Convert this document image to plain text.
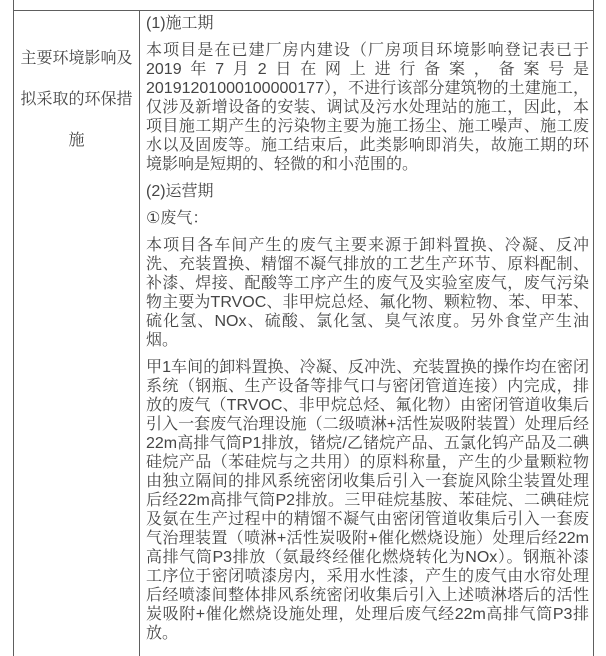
主要环境影响及拟采取的环保措施

(1)施工期

本项目是在已建厂房内建设（厂房项目环境影响登记表已于2019年7月2日在网上进行备案，备案号是20191201000100000177），不进行该部分建筑物的土建施工，仅涉及新增设备的安装、调试及污水处理站的施工，因此，本项目施工期产生的污染物主要为施工扬尘、施工噪声、施工废水以及固废等。施工结束后，此类影响即消失，故施工期的环境影响是短期的、轻微的和小范围的。

(2)运营期

①废气：

本项目各车间产生的废气主要来源于卸料置换、冷凝、反冲洗、充装置换、精馏不凝气排放的工艺生产环节、原料配制、补漆、焊接、配酸等工序产生的废气及实验室废气，废气污染物主要为TRVOC、非甲烷总烃、氟化物、颗粒物、苯、甲苯、硫化氢、NOx、硫酸、氯化氢、臭气浓度。另外食堂产生油烟。

甲1车间的卸料置换、冷凝、反冲洗、充装置换的操作均在密闭系统（钢瓶、生产设备等排气口与密闭管道连接）内完成，排放的废气（TRVOC、非甲烷总烃、氟化物）由密闭管道收集后引入一套废气治理设施（二级喷淋+活性炭吸附装置）处理后经22m高排气筒P1排放，锗烷/乙锗烷产品、五氯化钨产品及二碘硅烷产品（苯硅烷与之共用）的原料称量，产生的少量颗粒物由独立隔间的排风系统密闭收集后引入一套旋风除尘装置处理后经22m高排气筒P2排放。三甲硅烷基胺、苯硅烷、二碘硅烷及氨在生产过程中的精馏不凝气由密闭管道收集后引入一套废气治理装置（喷淋+活性炭吸附+催化燃烧设施）处理后经22m高排气筒P3排放（氨最终经催化燃烧转化为NOx）。钢瓶补漆工序位于密闭喷漆房内，采用水性漆，产生的废气由水帘处理后经喷漆间整体排风系统密闭收集后引入上述喷淋塔后的活性炭吸附+催化燃烧设施处理，处理后废气经22m高排气筒P3排放。
